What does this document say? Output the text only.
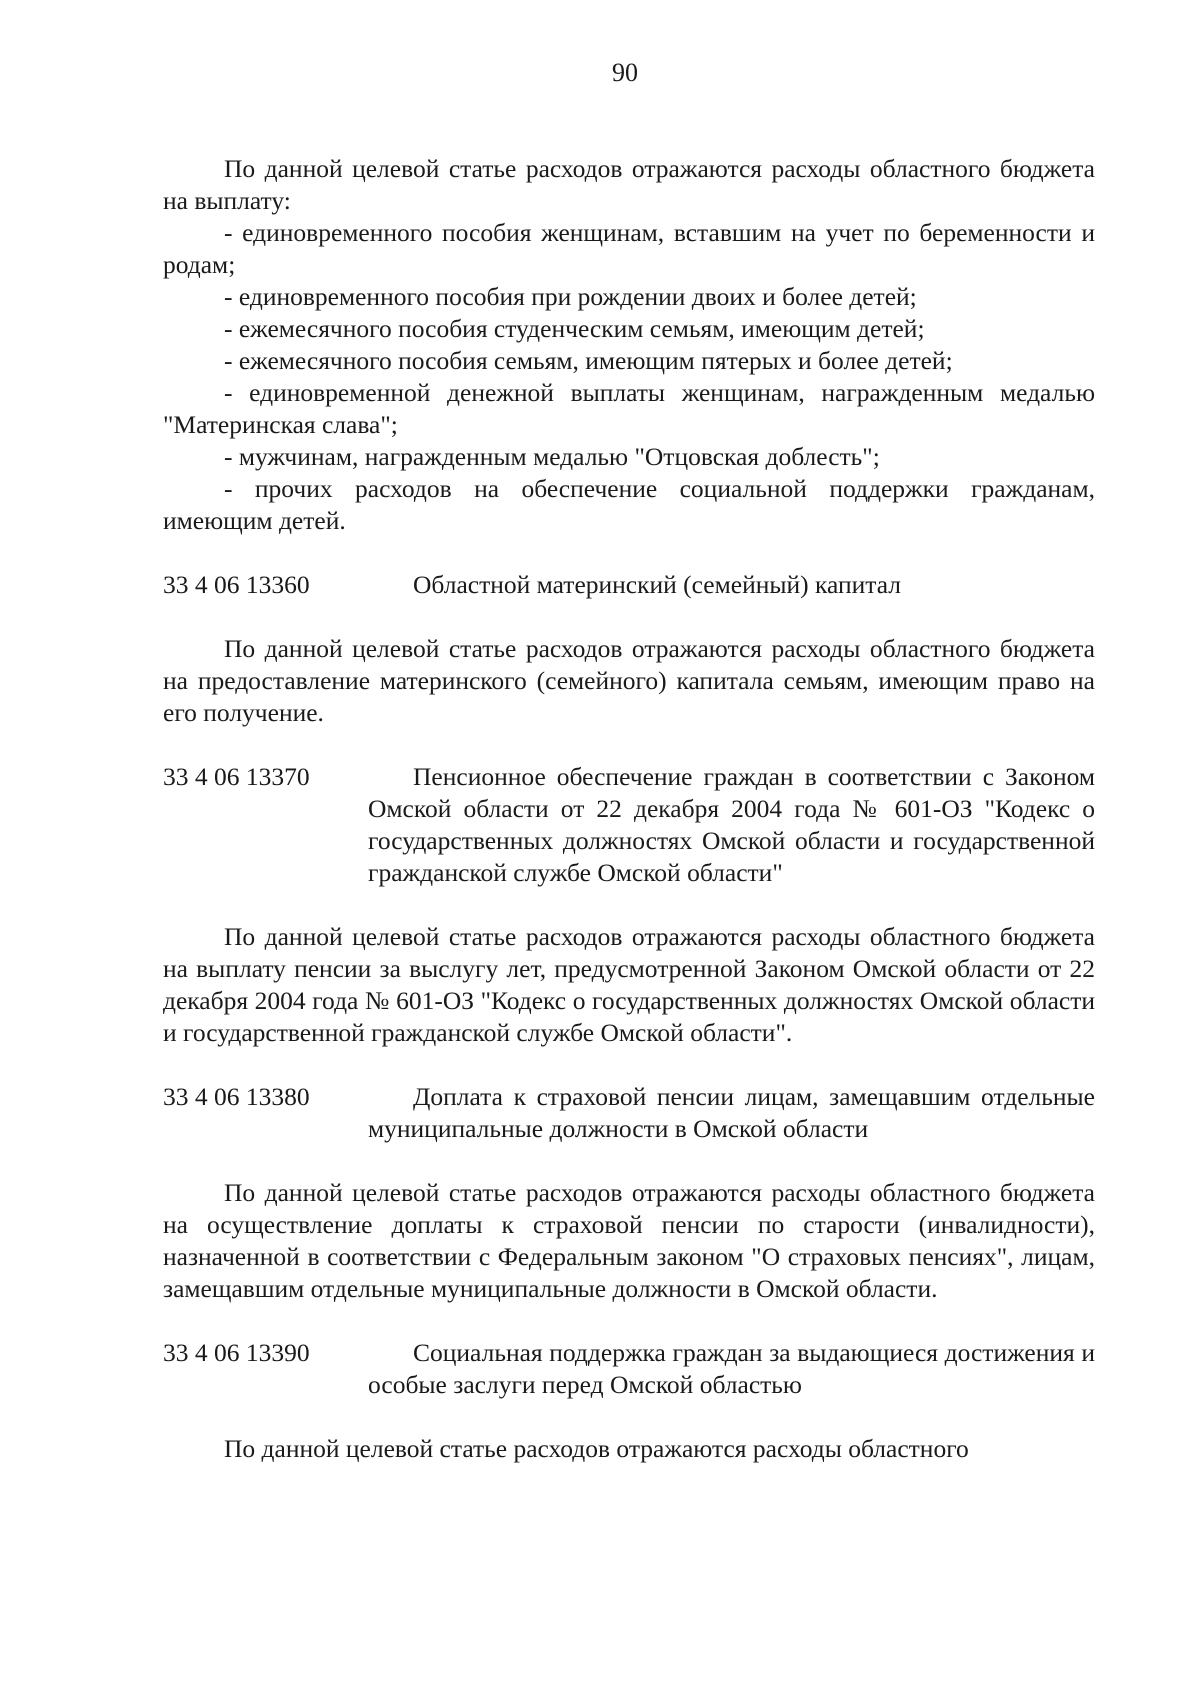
90

По данной целевой статье расходов отражаются расходы областного бюджета на выплату:

- единовременного пособия женщинам, вставшим на учет по беременности и родам;

- единовременного пособия при рождении двоих и более детей;

- ежемесячного пособия студенческим семьям, имеющим детей;

- ежемесячного пособия семьям, имеющим пятерых и более детей;

- единовременной денежной выплаты женщинам, награжденным медалью "Материнская слава";

- мужчинам, награжденным медалью "Отцовская доблесть";

- прочих расходов на обеспечение социальной поддержки гражданам, имеющим детей.

33 4 06 13360	Областной материнский (семейный) капитал

По данной целевой статье расходов отражаются расходы областного бюджета на предоставление материнского (семейного) капитала семьям, имеющим право на его получение.

33 4 06 13370	Пенсионное обеспечение граждан в соответствии с Законом Омской области от 22 декабря 2004 года № 601-ОЗ "Кодекс о государственных должностях Омской области и государственной гражданской службе Омской области"

По данной целевой статье расходов отражаются расходы областного бюджета на выплату пенсии за выслугу лет, предусмотренной Законом Омской области от 22 декабря 2004 года № 601-ОЗ "Кодекс о государственных должностях Омской области и государственной гражданской службе Омской области".

33 4 06 13380	Доплата к страховой пенсии лицам, замещавшим отдельные муниципальные должности в Омской области

По данной целевой статье расходов отражаются расходы областного бюджета на осуществление доплаты к страховой пенсии по старости (инвалидности), назначенной в соответствии с Федеральным законом "О страховых пенсиях", лицам, замещавшим отдельные муниципальные должности в Омской области.

33 4 06 13390	Социальная поддержка граждан за выдающиеся достижения и особые заслуги перед Омской областью

По данной целевой статье расходов отражаются расходы областного
